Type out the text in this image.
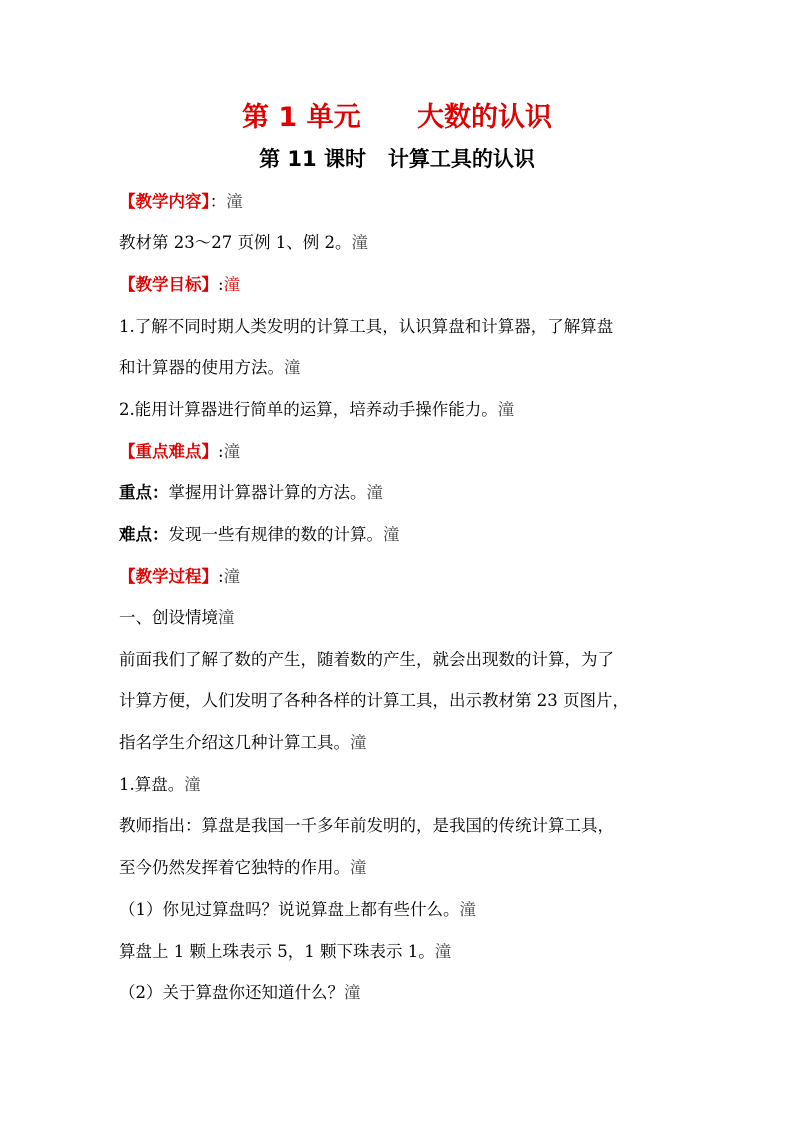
第 1 单元      大数的认识
第 11 课时   计算工具的认识
【教学内容】：潼
教材第 23～27 页例 1、例 2。潼
【教学目标】:潼
1.了解不同时期人类发明的计算工具，认识算盘和计算器，了解算盘
和计算器的使用方法。潼
2.能用计算器进行简单的运算，培养动手操作能力。潼
【重点难点】:潼
重点：掌握用计算器计算的方法。潼
难点：发现一些有规律的数的计算。潼
【教学过程】:潼
一、创设情境潼
前面我们了解了数的产生，随着数的产生，就会出现数的计算，为了
计算方便，人们发明了各种各样的计算工具，出示教材第 23 页图片，
指名学生介绍这几种计算工具。潼
1.算盘。潼
教师指出：算盘是我国一千多年前发明的，是我国的传统计算工具，
至今仍然发挥着它独特的作用。潼
（1）你见过算盘吗？说说算盘上都有些什么。潼
算盘上 1 颗上珠表示 5，1 颗下珠表示 1。潼
（2）关于算盘你还知道什么？潼
